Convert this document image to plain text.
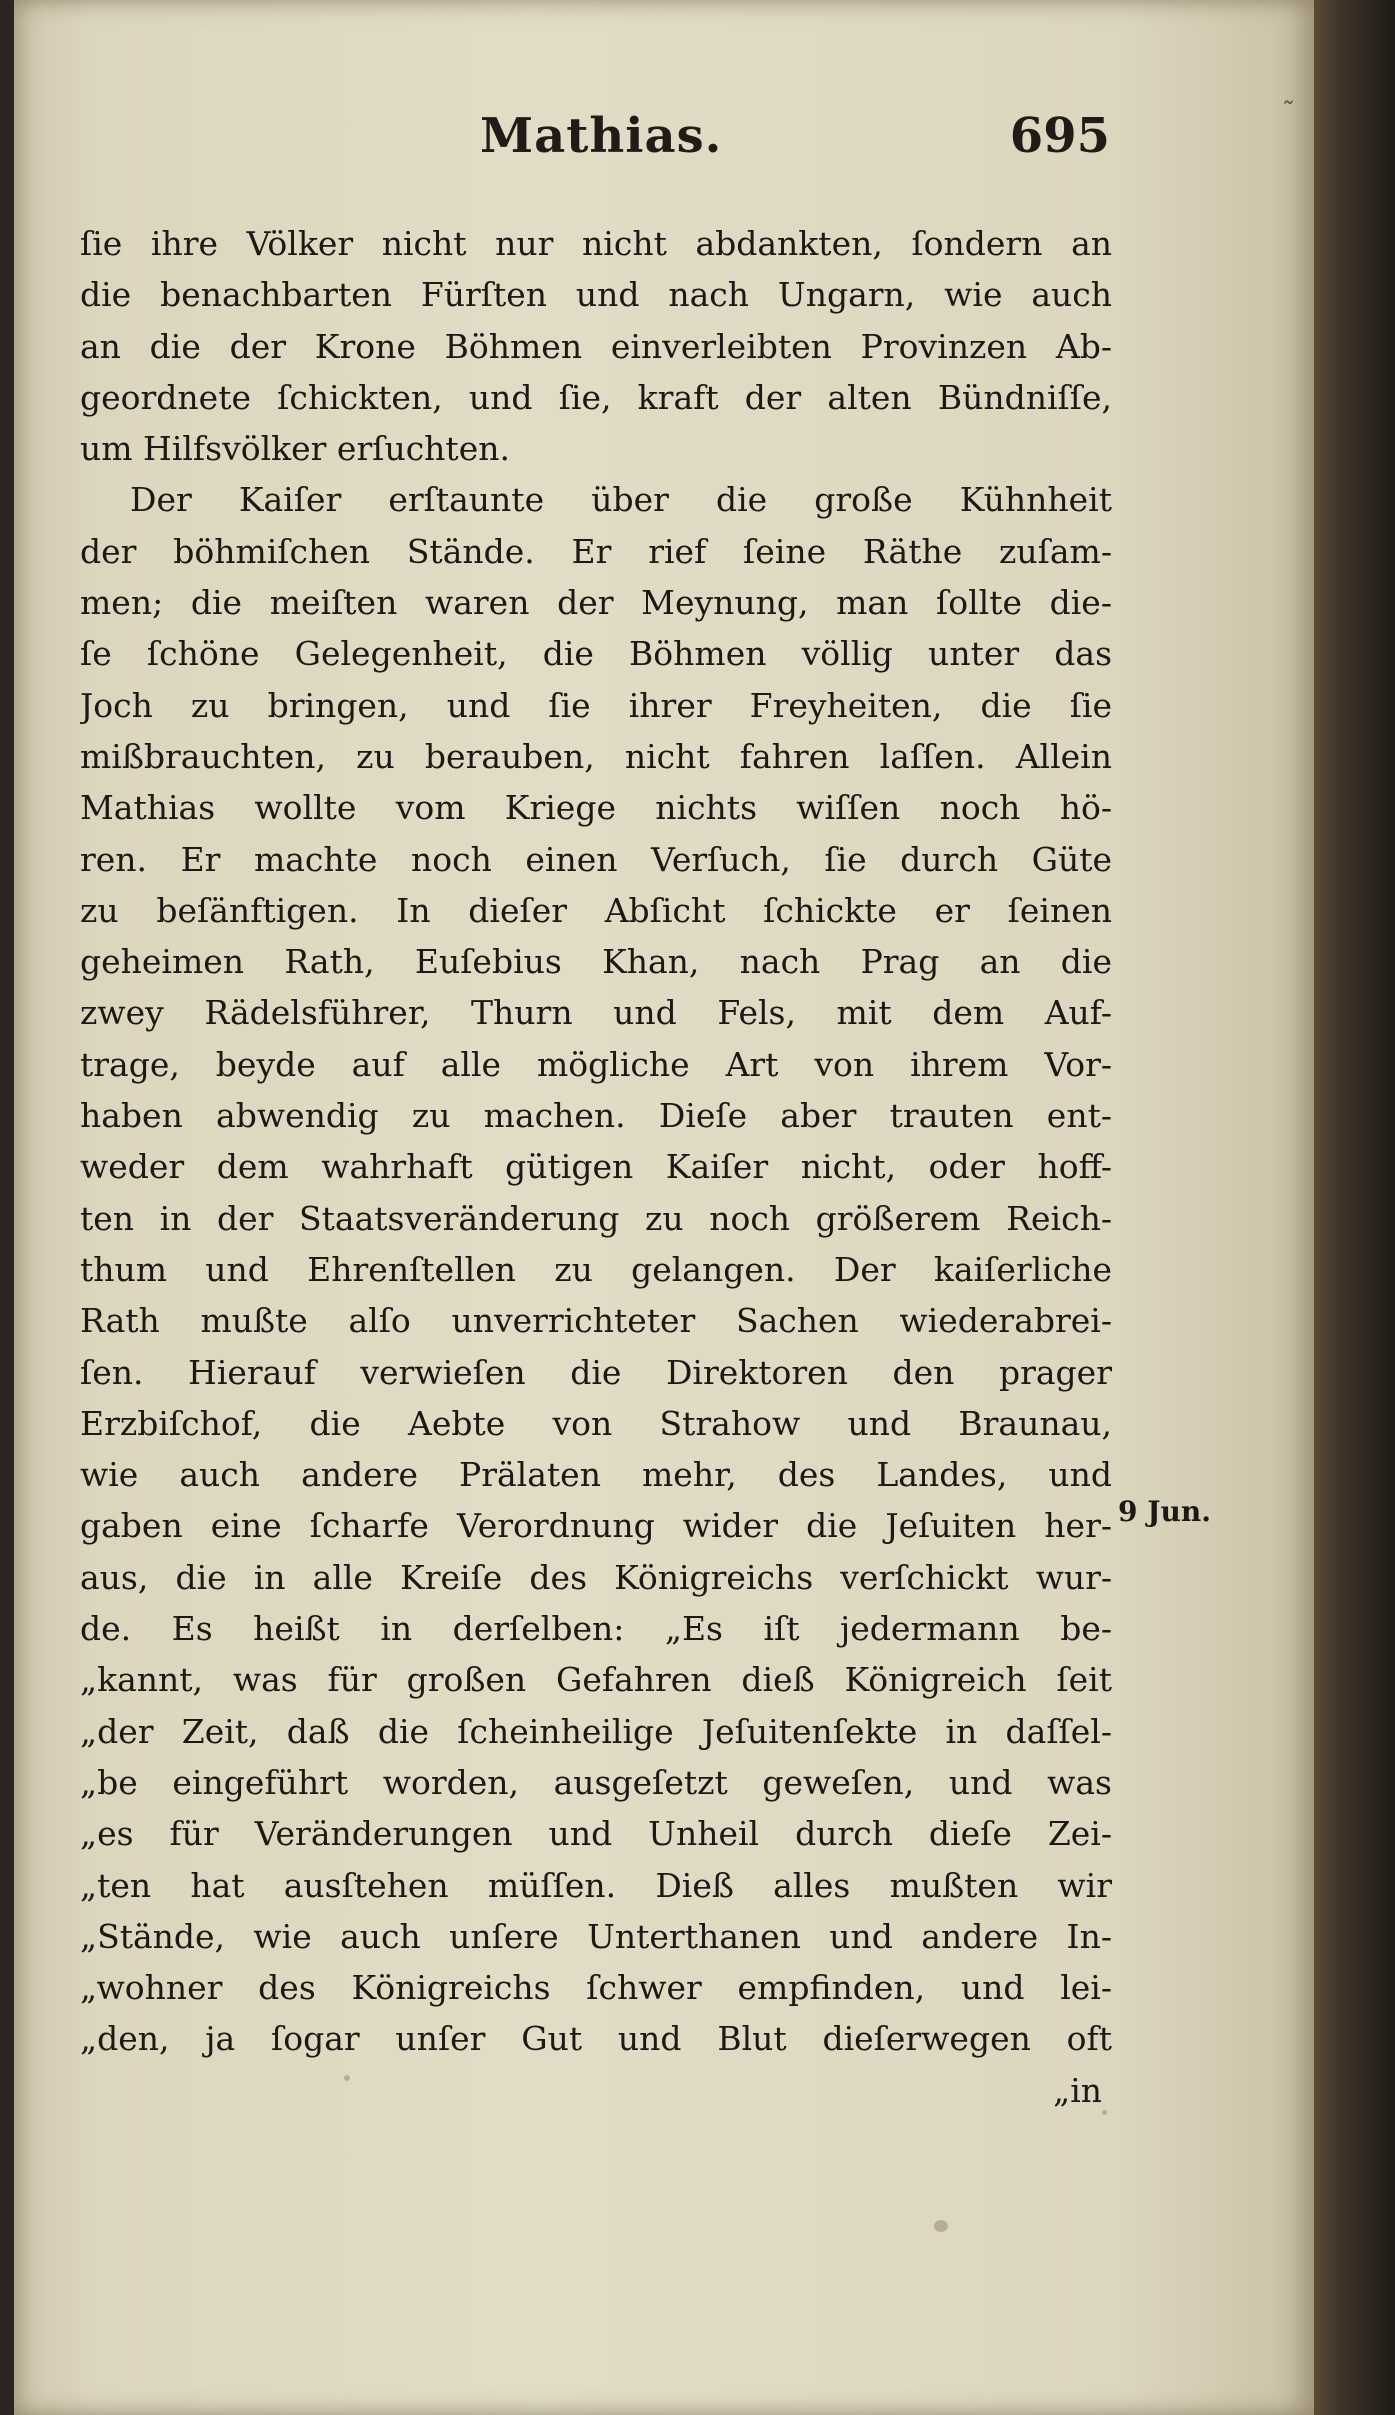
˜
Mathias.	695
ſie ihre Völker nicht nur nicht abdankten, ſondern an
die benachbarten Fürſten und nach Ungarn, wie auch
an die der Krone Böhmen einverleibten Provinzen Ab-
geordnete ſchickten, und ſie, kraft der alten Bündniſſe,
um Hilfsvölker erſuchten.
Der Kaiſer erſtaunte über die große Kühnheit
der böhmiſchen Stände. Er rief ſeine Räthe zuſam-
men; die meiſten waren der Meynung, man ſollte die-
ſe ſchöne Gelegenheit, die Böhmen völlig unter das
Joch zu bringen, und ſie ihrer Freyheiten, die ſie
mißbrauchten, zu berauben, nicht fahren laſſen. Allein
Mathias wollte vom Kriege nichts wiſſen noch hö-
ren. Er machte noch einen Verſuch, ſie durch Güte
zu beſänftigen. In dieſer Abſicht ſchickte er ſeinen
geheimen Rath, Euſebius Khan, nach Prag an die
zwey Rädelsführer, Thurn und Fels, mit dem Auf-
trage, beyde auf alle mögliche Art von ihrem Vor-
haben abwendig zu machen. Dieſe aber trauten ent-
weder dem wahrhaft gütigen Kaiſer nicht, oder hoff-
ten in der Staatsveränderung zu noch größerem Reich-
thum und Ehrenſtellen zu gelangen. Der kaiſerliche
Rath mußte alſo unverrichteter Sachen wiederabrei-
ſen. Hierauf verwieſen die Direktoren den prager
Erzbiſchof, die Aebte von Strahow und Braunau,
wie auch andere Prälaten mehr, des Landes, und
gaben eine ſcharfe Verordnung wider die Jeſuiten her-
aus, die in alle Kreiſe des Königreichs verſchickt wur-
de. Es heißt in derſelben: „Es iſt jedermann be-
„kannt, was für großen Gefahren dieß Königreich ſeit
„der Zeit, daß die ſcheinheilige Jeſuitenſekte in daſſel-
„be eingeführt worden, ausgeſetzt geweſen, und was
„es für Veränderungen und Unheil durch dieſe Zei-
„ten hat ausſtehen müſſen. Dieß alles mußten wir
„Stände, wie auch unſere Unterthanen und andere In-
„wohner des Königreichs ſchwer empfinden, und lei-
„den, ja ſogar unſer Gut und Blut dieſerwegen oft
„in
9 Jun.
